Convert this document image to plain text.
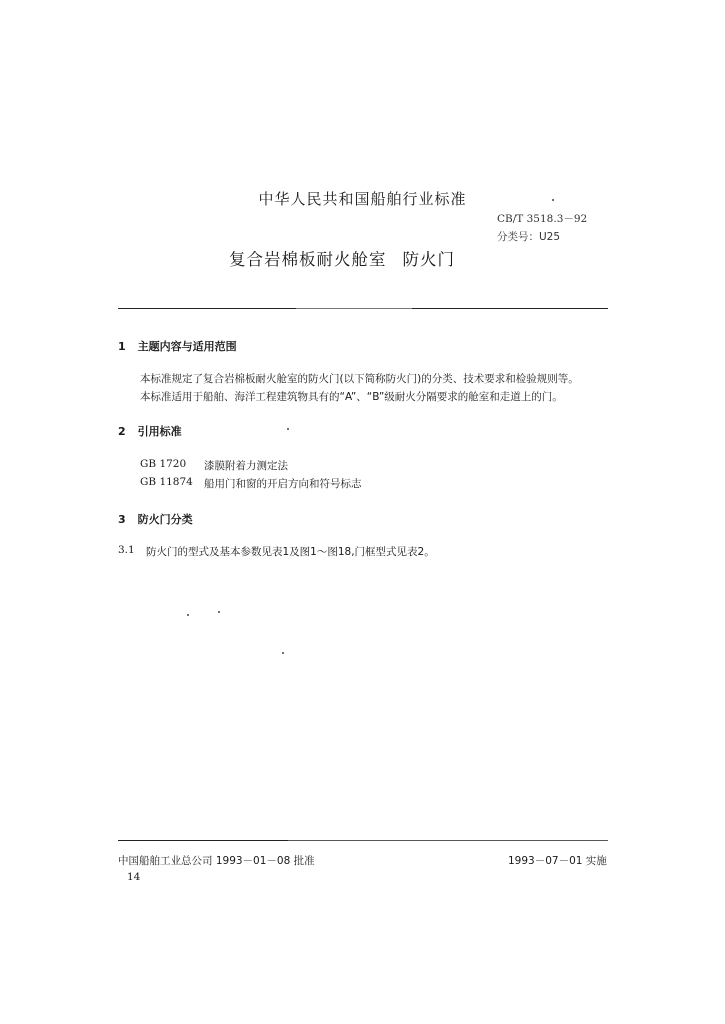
中华人民共和国船舶行业标准
CB/T 3518.3－92
分类号：U25
复合岩棉板耐火舱室 防火门
1 主题内容与适用范围
本标准规定了复合岩棉板耐火舱室的防火门(以下简称防火门)的分类、技术要求和检验规则等。
本标准适用于船舶、海洋工程建筑物具有的“A”、“B”级耐火分隔要求的舱室和走道上的门。
2 引用标准
GB 1720 漆膜附着力测定法
GB 11874 船用门和窗的开启方向和符号标志
3 防火门分类
3.1 防火门的型式及基本参数见表1及图1～图18,门框型式见表2。
中国船舶工业总公司 1993－01－08 批准	1993－07－01 实施
14
